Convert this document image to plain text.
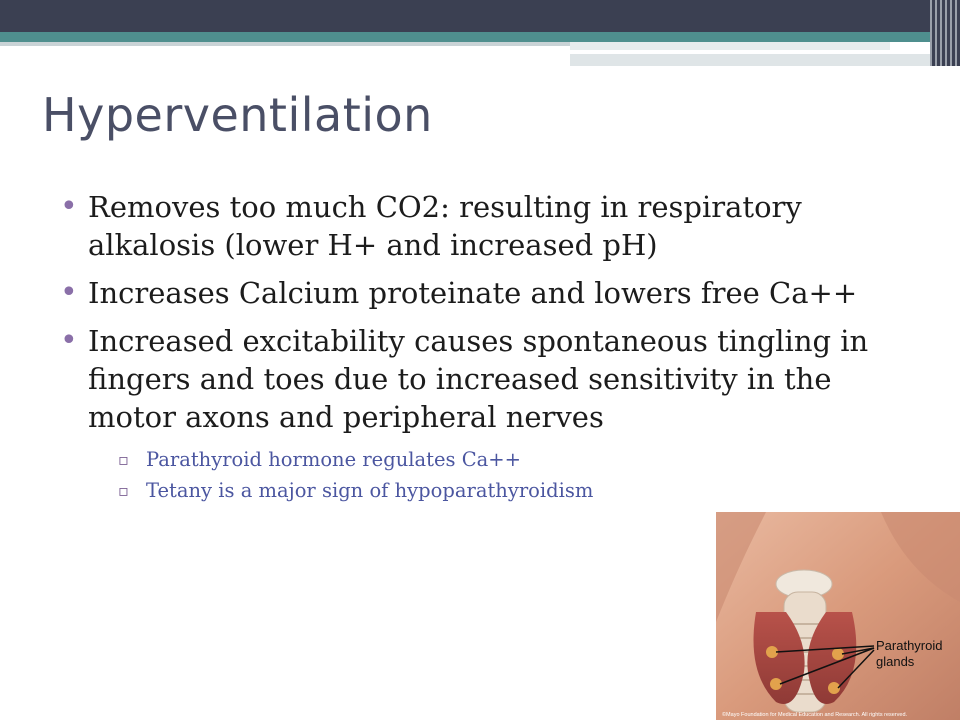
Hyperventilation
• Removes too much CO2: resulting in respiratory alkalosis (lower H+ and increased pH)
• Increases Calcium proteinate and lowers free Ca++
• Increased excitability causes spontaneous tingling in fingers and toes due to increased sensitivity in the motor axons and peripheral nerves
▫ Parathyroid hormone regulates Ca++
▫ Tetany is a major sign of hypoparathyroidism
Parathyroid
glands
©Mayo Foundation for Medical Education and Research. All rights reserved.
